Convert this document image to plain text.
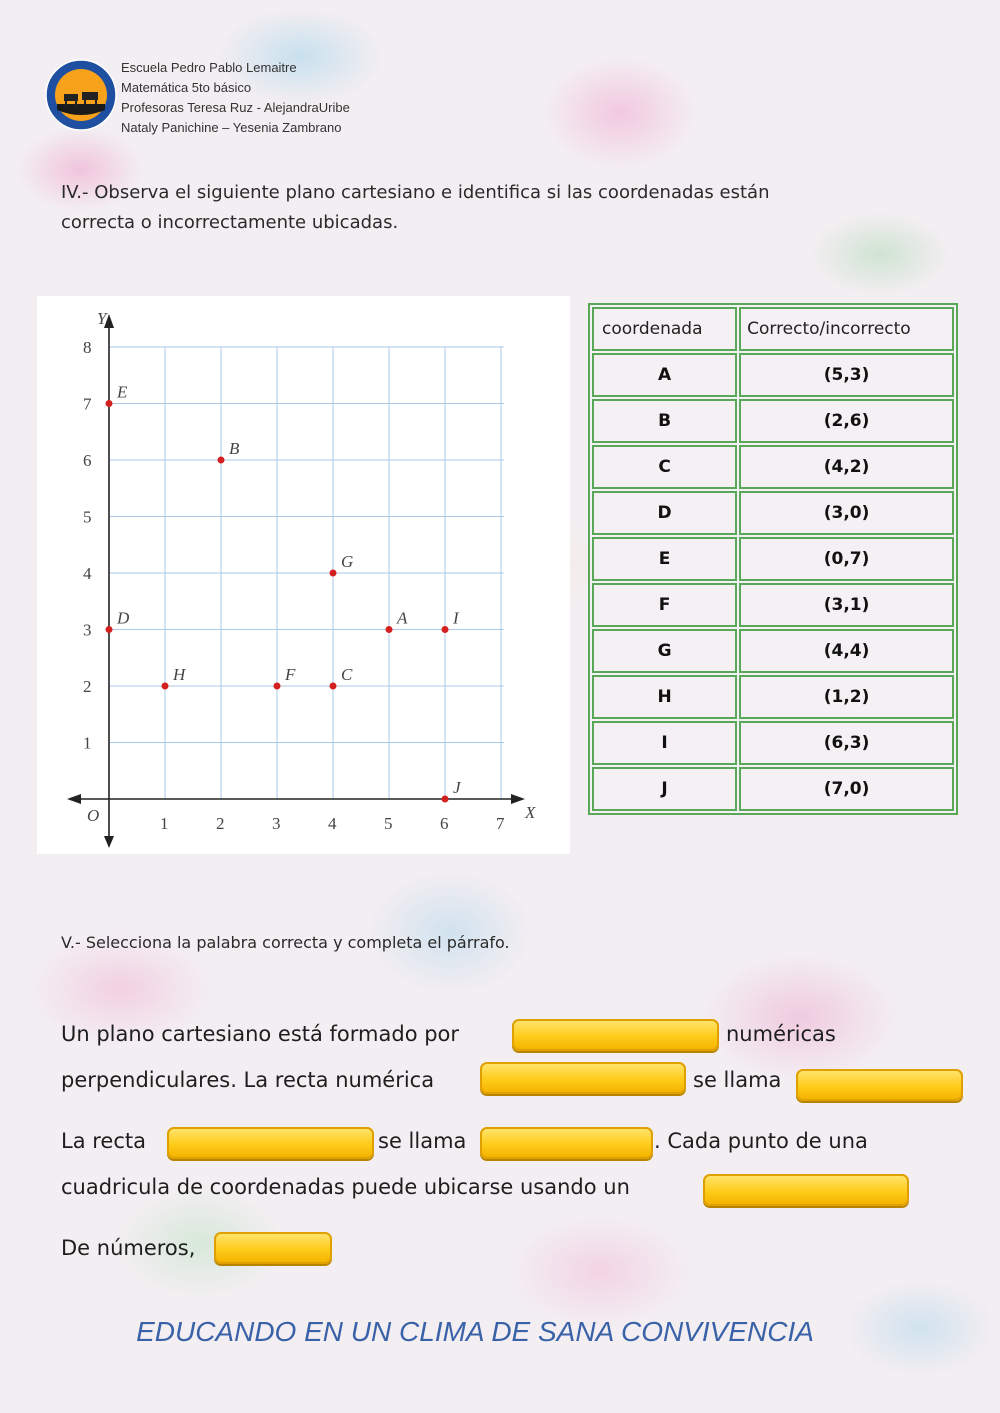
Escuela Pedro Pablo Lemaitre
Matemática 5to básico
Profesoras Teresa Ruz - AlejandraUribe
Nataly Panichine – Yesenia Zambrano
IV.- Observa el siguiente plano cartesiano e identifica si las coordenadas están
correcta o incorrectamente ubicadas.
Y
X
O	1	2	3	4	5	6	7
1
2
3
4
5
6
7
8
E
B
G
D	A	I
H	F	C
J
coordenada	Correcto/incorrecto
A	(5,3)
B	(2,6)
C	(4,2)
D	(3,0)
E	(0,7)
F	(3,1)
G	(4,4)
H	(1,2)
I	(6,3)
J	(7,0)
V.- Selecciona la palabra correcta y completa el párrafo.
Un plano cartesiano está formado por	numéricas
perpendiculares. La recta numérica	se llama
La recta	se llama	. Cada punto de una
cuadricula de coordenadas puede ubicarse usando un
De números,
EDUCANDO EN UN CLIMA DE SANA CONVIVENCIA
